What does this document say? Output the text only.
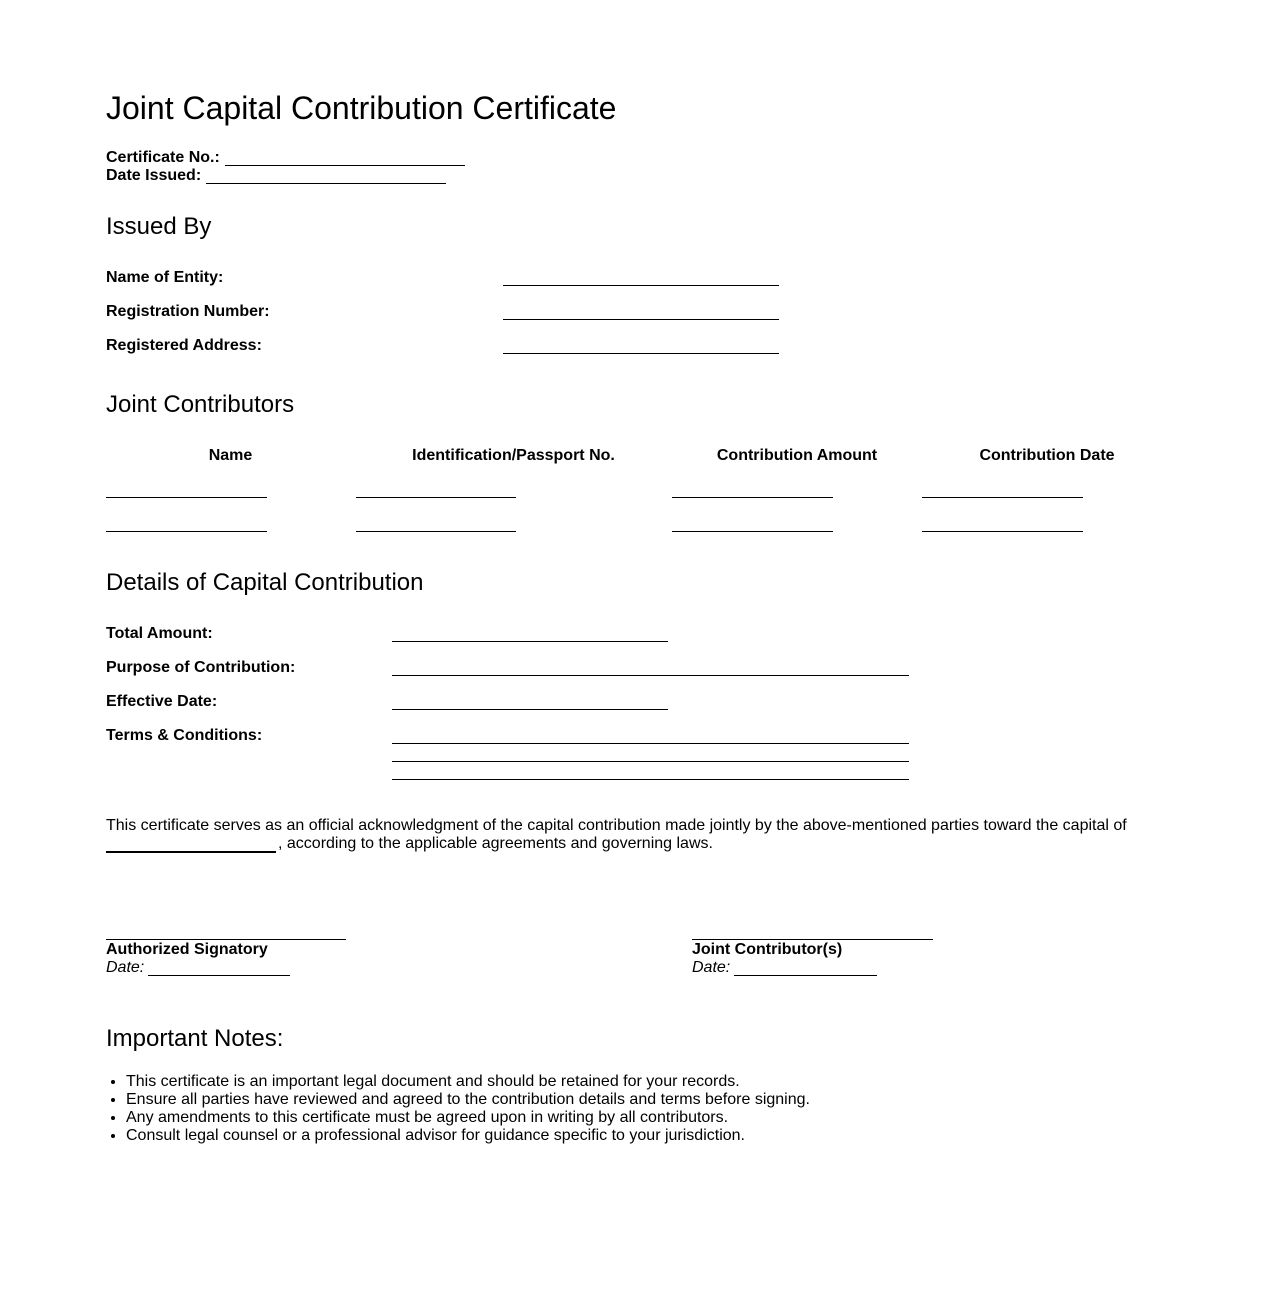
Joint Capital Contribution Certificate
Certificate No.:
Date Issued:
Issued By
Name of Entity:
Registration Number:
Registered Address:
Joint Contributors
Name	Identification/Passport No.	Contribution Amount	Contribution Date
Details of Capital Contribution
Total Amount:
Purpose of Contribution:
Effective Date:
Terms & Conditions:
This certificate serves as an official acknowledgment of the capital contribution made jointly by the above-mentioned parties toward the capital of
, according to the applicable agreements and governing laws.
Authorized Signatory
Date:
Joint Contributor(s)
Date:
Important Notes:
• This certificate is an important legal document and should be retained for your records.
• Ensure all parties have reviewed and agreed to the contribution details and terms before signing.
• Any amendments to this certificate must be agreed upon in writing by all contributors.
• Consult legal counsel or a professional advisor for guidance specific to your jurisdiction.
